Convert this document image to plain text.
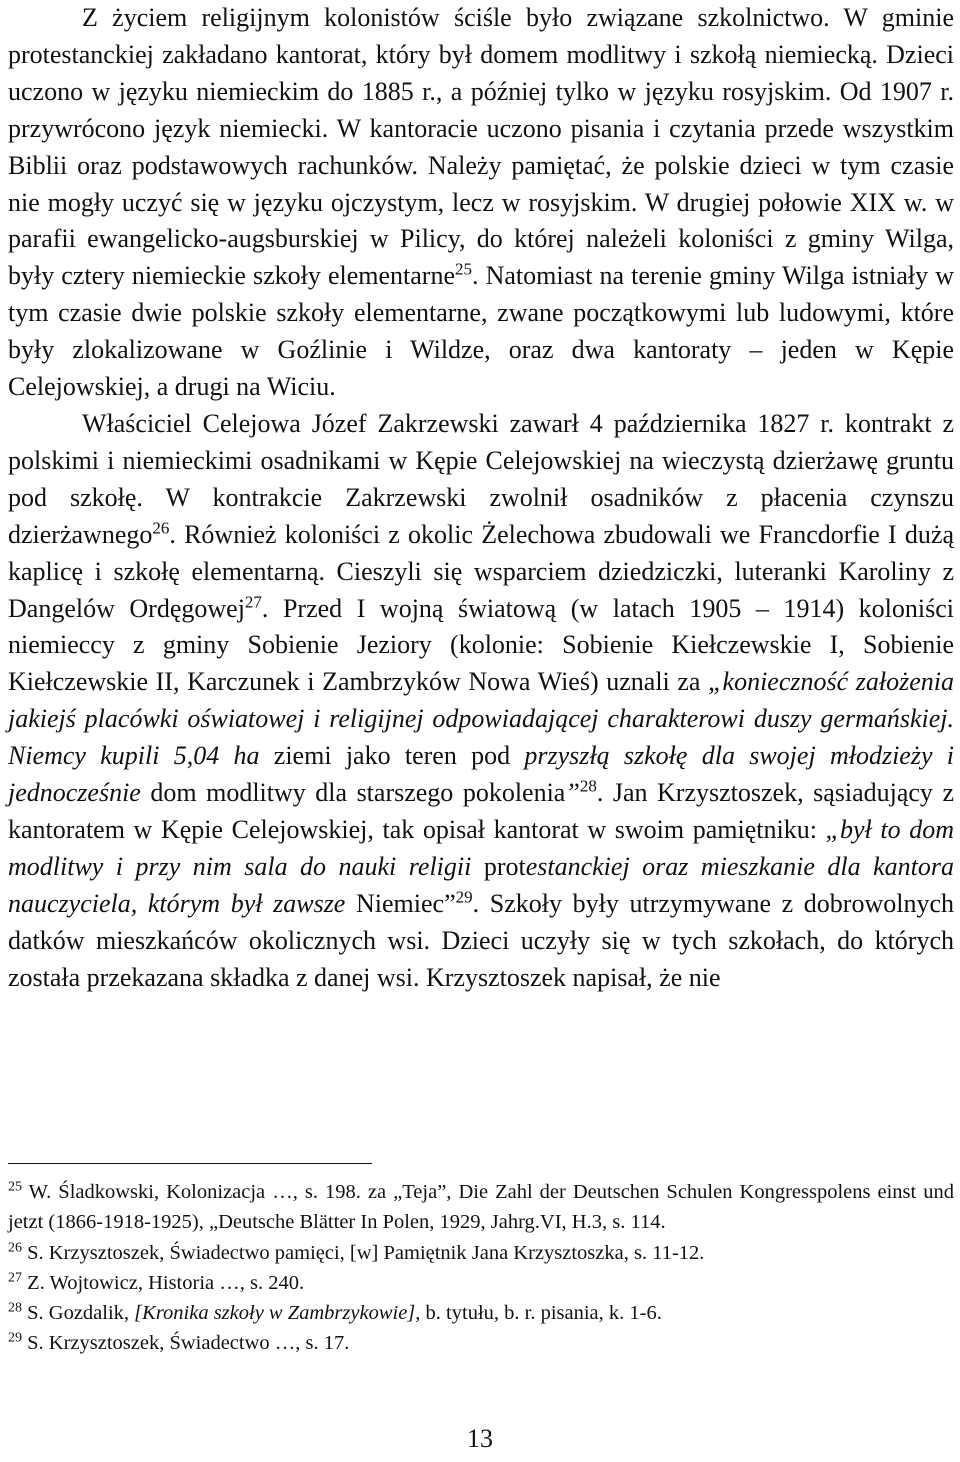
Z życiem religijnym kolonistów ściśle było związane szkolnictwo. W gminie protestanckiej zakładano kantorat, który był domem modlitwy i szkołą niemiecką. Dzieci uczono w języku niemieckim do 1885 r., a później tylko w języku rosyjskim. Od 1907 r. przywrócono język niemiecki. W kantoracie uczono pisania i czytania przede wszystkim Biblii oraz podstawowych rachunków. Należy pamiętać, że polskie dzieci w tym czasie nie mogły uczyć się w języku ojczystym, lecz w rosyjskim. W drugiej połowie XIX w. w parafii ewangelicko-augsburskiej w Pilicy, do której należeli koloniści z gminy Wilga, były cztery niemieckie szkoły elementarne$^{25}$. Natomiast na terenie gminy Wilga istniały w tym czasie dwie polskie szkoły elementarne, zwane początkowymi lub ludowymi, które były zlokalizowane w Goźlinie i Wildze, oraz dwa kantoraty – jeden w Kępie Celejowskiej, a drugi na Wiciu.

Właściciel Celejowa Józef Zakrzewski zawarł 4 października 1827 r. kontrakt z polskimi i niemieckimi osadnikami w Kępie Celejowskiej na wieczystą dzierżawę gruntu pod szkołę. W kontrakcie Zakrzewski zwolnił osadników z płacenia czynszu dzierżawnego$^{26}$. Również koloniści z okolic Żelechowa zbudowali we Francdorfie I dużą kaplicę i szkołę elementarną. Cieszyli się wsparciem dziedziczki, luteranki Karoliny z Dangelów Ordęgowej$^{27}$. Przed I wojną światową (w latach 1905 – 1914) koloniści niemieccy z gminy Sobienie Jeziory (kolonie: Sobienie Kiełczewskie I, Sobienie Kiełczewskie II, Karczunek i Zambrzyków Nowa Wieś) uznali za „konieczność założenia jakiejś placówki oświatowej i religijnej odpowiadającej charakterowi duszy germańskiej. Niemcy kupili 5,04 ha ziemi jako teren pod przyszłą szkołę dla swojej młodzieży i jednocześnie dom modlitwy dla starszego pokolenia”$^{28}$. Jan Krzysztoszek, sąsiadujący z kantoratem w Kępie Celejowskiej, tak opisał kantorat w swoim pamiętniku: „był to dom modlitwy i przy nim sala do nauki religii protestanckiej oraz mieszkanie dla kantora nauczyciela, którym był zawsze Niemiec”$^{29}$. Szkoły były utrzymywane z dobrowolnych datków mieszkańców okolicznych wsi. Dzieci uczyły się w tych szkołach, do których została przekazana składka z danej wsi. Krzysztoszek napisał, że nie

$^{25}$ W. Śladkowski, Kolonizacja …, s. 198. za „Teja”, Die Zahl der Deutschen Schulen Kongresspolens einst und jetzt (1866-1918-1925), „Deutsche Blätter In Polen, 1929, Jahrg.VI, H.3, s. 114.

$^{26}$ S. Krzysztoszek, Świadectwo pamięci, [w] Pamiętnik Jana Krzysztoszka, s. 11-12.

$^{27}$ Z. Wojtowicz, Historia …, s. 240.

$^{28}$ S. Gozdalik, [Kronika szkoły w Zambrzykowie], b. tytułu, b. r. pisania, k. 1-6.

$^{29}$ S. Krzysztoszek, Świadectwo …, s. 17.

13
